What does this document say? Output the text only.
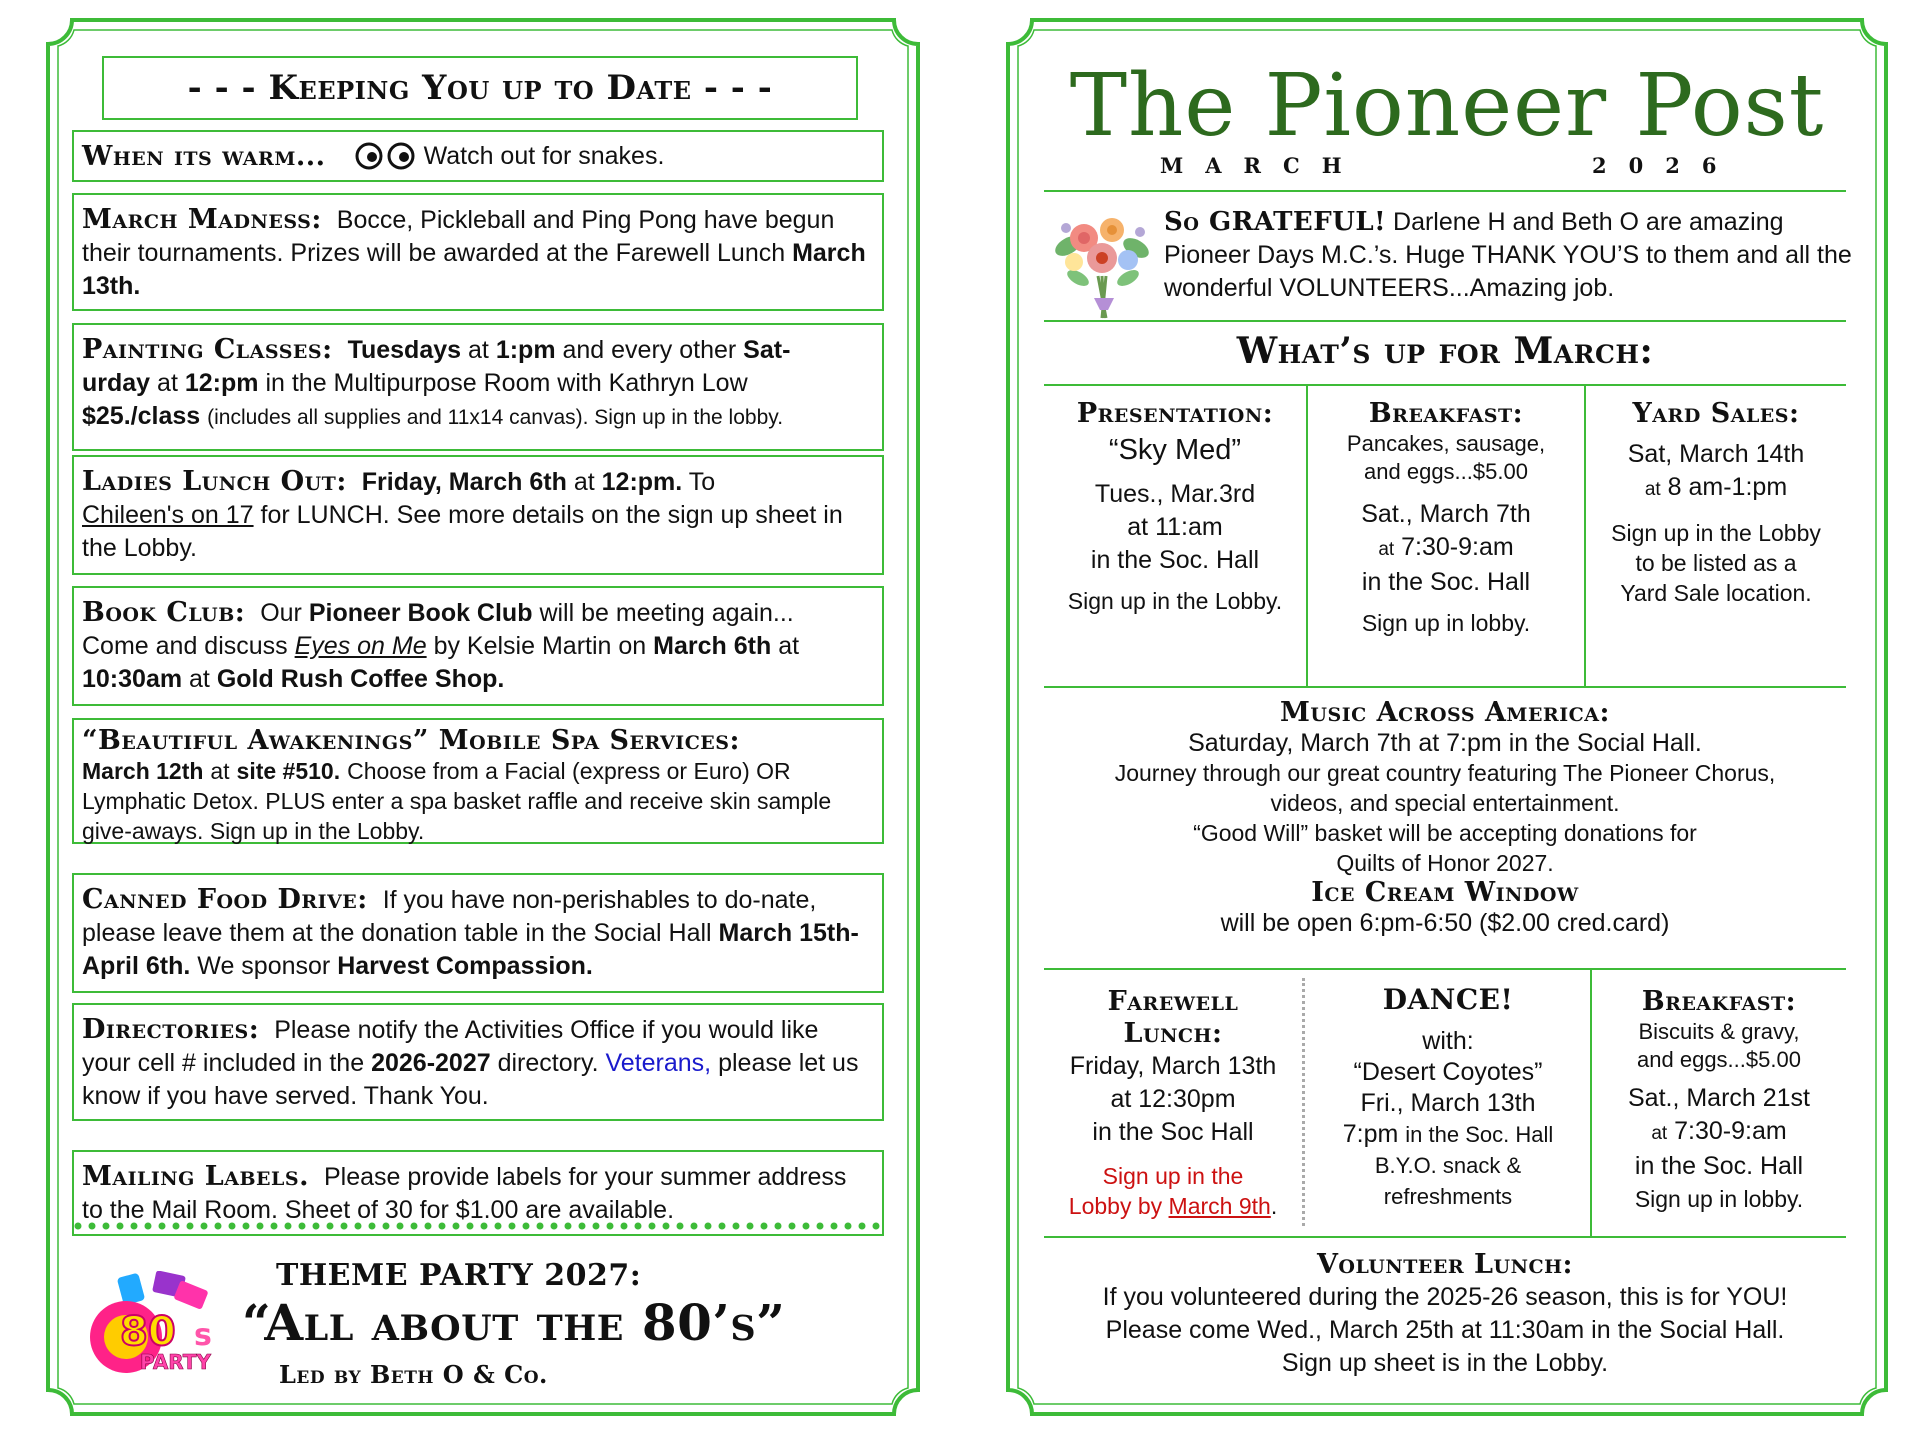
- - - Keeping You up to Date - - -
When its warm...	Watch out for snakes.
March Madness: Bocce, Pickleball and Ping Pong have begun their tournaments. Prizes will be awarded at the Farewell Lunch March 13th.
Painting Classes: Tuesdays at 1:pm and every other Sat-
urday at 12:pm in the Multipurpose Room with Kathryn Low
$25./class (includes all supplies and 11x14 canvas). Sign up in the lobby.
Ladies Lunch Out: Friday, March 6th at 12:pm. To
Chileen's on 17 for LUNCH. See more details on the sign up sheet in the Lobby.
Book Club: Our Pioneer Book Club will be meeting again...
Come and discuss Eyes on Me by Kelsie Martin on March 6th at
10:30am at Gold Rush Coffee Shop.
“Beautiful Awakenings” Mobile Spa Services:
March 12th at site #510. Choose from a Facial (express or Euro) OR Lymphatic Detox. PLUS enter a spa basket raffle and receive skin sample give-aways. Sign up in the Lobby.
Canned Food Drive: If you have non-perishables to do-nate, please leave them at the donation table in the Social Hall March 15th-April 6th. We sponsor Harvest Compassion.
Directories: Please notify the Activities Office if you would like your cell # included in the 2026-2027 directory. Veterans, please let us know if you have served. Thank You.
Mailing Labels. Please provide labels for your summer address to the Mail Room. Sheet of 30 for $1.00 are available.
80 s
PARTY
THEME PARTY 2027:
“All about the 80’s”
Led by Beth O & Co.
The Pioneer Post
MARCH	2026
So GRATEFUL! Darlene H and Beth O are amazing Pioneer Days M.C.’s. Huge THANK YOU’S to them and all the wonderful VOLUNTEERS...Amazing job.
What’s up for March:
Presentation:
“Sky Med”
Tues., Mar.3rd
at 11:am
in the Soc. Hall
Sign up in the Lobby.
Breakfast:
Pancakes, sausage, and eggs...$5.00
Sat., March 7th
at 7:30-9:am
in the Soc. Hall
Sign up in lobby.
Yard Sales:
Sat, March 14th
at 8 am-1:pm
Sign up in the Lobby to be listed as a Yard Sale location.
Music Across America:
Saturday, March 7th at 7:pm in the Social Hall.
Journey through our great country featuring The Pioneer Chorus,
videos, and special entertainment.
“Good Will” basket will be accepting donations for
Quilts of Honor 2027.
Ice Cream Window
will be open 6:pm-6:50 ($2.00 cred.card)
Farewell
Lunch:
Friday, March 13th
at 12:30pm
in the Soc Hall
Sign up in the
Lobby by March 9th.
DANCE!
with:
“Desert Coyotes”
Fri., March 13th
7:pm in the Soc. Hall
B.Y.O. snack &
refreshments
Breakfast:
Biscuits & gravy,
and eggs...$5.00
Sat., March 21st
at 7:30-9:am
in the Soc. Hall
Sign up in lobby.
Volunteer Lunch:
If you volunteered during the 2025-26 season, this is for YOU!
Please come Wed., March 25th at 11:30am in the Social Hall.
Sign up sheet is in the Lobby.
